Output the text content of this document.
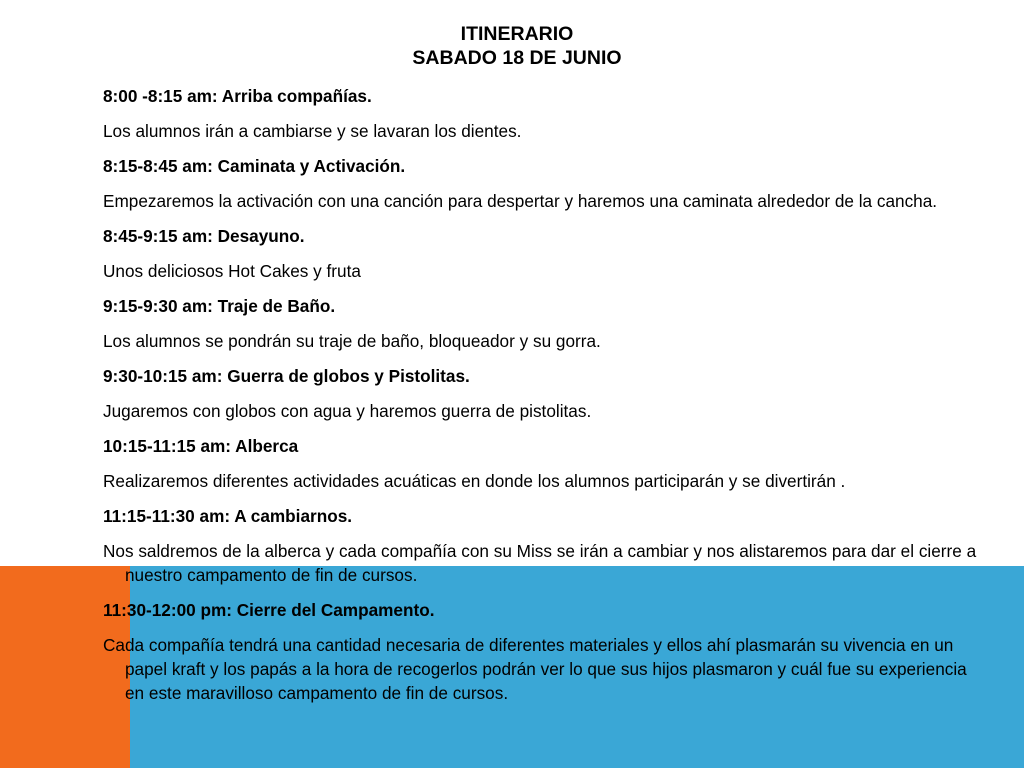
ITINERARIO
SABADO 18 DE JUNIO

8:00 -8:15 am: Arriba compañías.

Los alumnos irán a cambiarse y se lavaran los dientes.

8:15-8:45 am: Caminata y Activación.

Empezaremos la activación con una canción para despertar y haremos una caminata alrededor de la cancha.

8:45-9:15 am: Desayuno.

Unos deliciosos Hot Cakes y fruta

9:15-9:30 am: Traje de Baño.

Los alumnos se pondrán su traje de baño, bloqueador y su gorra.

9:30-10:15 am: Guerra de globos y Pistolitas.

Jugaremos con globos con agua y haremos guerra de pistolitas.

10:15-11:15 am: Alberca

Realizaremos diferentes actividades acuáticas en donde los alumnos participarán y se divertirán .

11:15-11:30 am: A cambiarnos.

Nos saldremos de la alberca y cada compañía con su Miss se irán a cambiar y nos alistaremos para dar el cierre a nuestro campamento de fin de cursos.

11:30-12:00 pm: Cierre del Campamento.

Cada compañía tendrá una cantidad necesaria de diferentes materiales y ellos ahí plasmarán su vivencia en un papel kraft y los papás a la hora de recogerlos podrán ver lo que sus hijos plasmaron y cuál fue su experiencia en este maravilloso campamento de fin de cursos.
